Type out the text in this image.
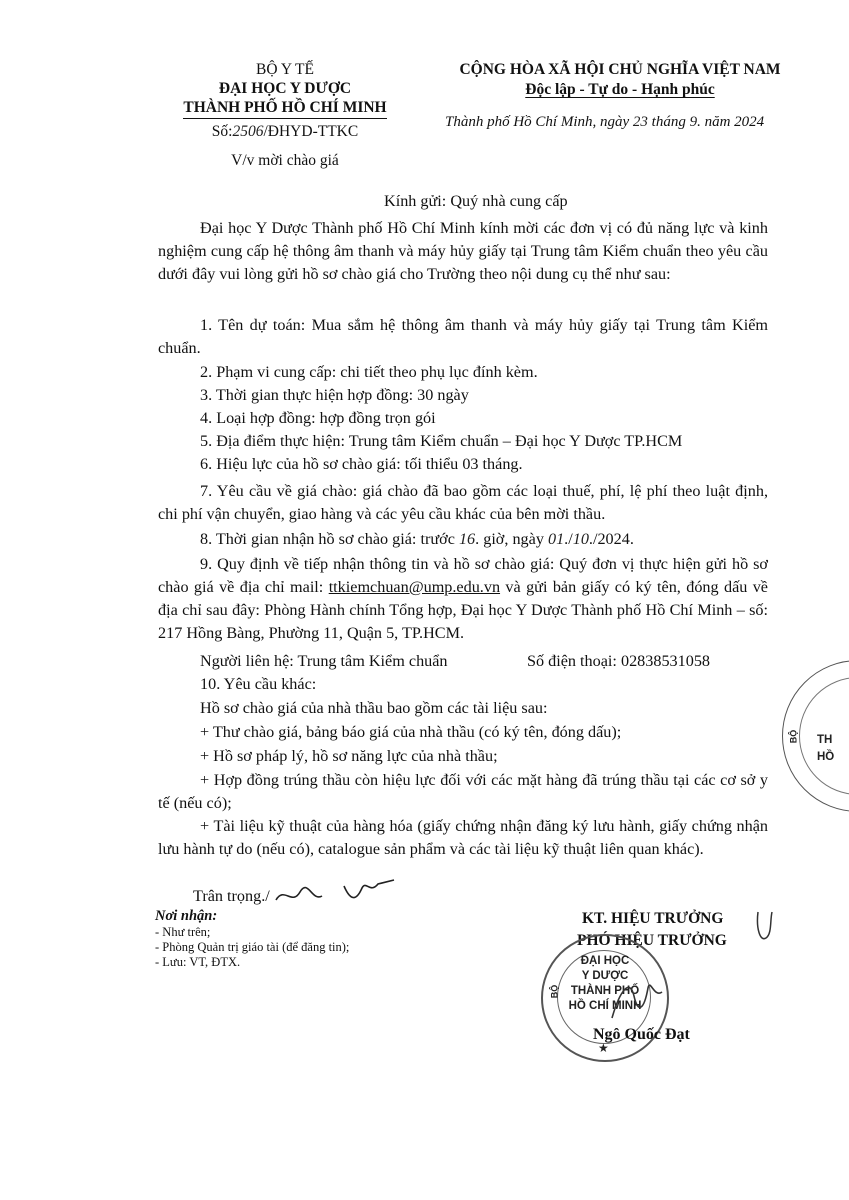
BỘ Y TẾ
ĐẠI HỌC Y DƯỢC
THÀNH PHỐ HỒ CHÍ MINH
Số:2506/ĐHYD-TTKC
V/v mời chào giá
CỘNG HÒA XÃ HỘI CHỦ NGHĨA VIỆT NAM
Độc lập - Tự do - Hạnh phúc
Thành phố Hồ Chí Minh, ngày 23 tháng 9. năm 2024
Kính gửi: Quý nhà cung cấp
Đại học Y Dược Thành phố Hồ Chí Minh kính mời các đơn vị có đủ năng lực và kinh nghiệm cung cấp hệ thông âm thanh và máy hủy giấy tại Trung tâm Kiểm chuẩn theo yêu cầu dưới đây vui lòng gửi hồ sơ chào giá cho Trường theo nội dung cụ thể như sau:
1. Tên dự toán: Mua sắm hệ thông âm thanh và máy hủy giấy tại Trung tâm Kiểm chuẩn.
2. Phạm vi cung cấp: chi tiết theo phụ lục đính kèm.
3. Thời gian thực hiện hợp đồng: 30 ngày
4. Loại hợp đồng: hợp đồng trọn gói
5. Địa điểm thực hiện: Trung tâm Kiểm chuẩn – Đại học Y Dược TP.HCM
6. Hiệu lực của hồ sơ chào giá: tối thiểu 03 tháng.
7. Yêu cầu về giá chào: giá chào đã bao gồm các loại thuế, phí, lệ phí theo luật định, chi phí vận chuyển, giao hàng và các yêu cầu khác của bên mời thầu.
8. Thời gian nhận hồ sơ chào giá: trước 16. giờ, ngày 01./10./2024.
9. Quy định về tiếp nhận thông tin và hồ sơ chào giá: Quý đơn vị thực hiện gửi hồ sơ chào giá về địa chỉ mail: ttkiemchuan@ump.edu.vn và gửi bản giấy có ký tên, đóng dấu về địa chỉ sau đây: Phòng Hành chính Tổng hợp, Đại học Y Dược Thành phố Hồ Chí Minh – số: 217 Hồng Bàng, Phường 11, Quận 5, TP.HCM.
Người liên hệ: Trung tâm Kiểm chuẩn	Số điện thoại: 02838531058
10. Yêu cầu khác:
Hồ sơ chào giá của nhà thầu bao gồm các tài liệu sau:
+ Thư chào giá, bảng báo giá của nhà thầu (có ký tên, đóng dấu);
+ Hồ sơ pháp lý, hồ sơ năng lực của nhà thầu;
+ Hợp đồng trúng thầu còn hiệu lực đối với các mặt hàng đã trúng thầu tại các cơ sở y tế (nếu có);
+ Tài liệu kỹ thuật của hàng hóa (giấy chứng nhận đăng ký lưu hành, giấy chứng nhận lưu hành tự do (nếu có), catalogue sản phẩm và các tài liệu kỹ thuật liên quan khác).
Trân trọng./
Nơi nhận:
- Như trên;
- Phòng Quản trị giáo tài (để đăng tin);
- Lưu: VT, ĐTX.
KT. HIỆU TRƯỞNG
PHÓ HIỆU TRƯỞNG
ĐẠI HỌC
Y DƯỢC
THÀNH PHỐ
HỒ CHÍ MINH
BỘ
★
Ngô Quốc Đạt
BỘ TH
HỒ
